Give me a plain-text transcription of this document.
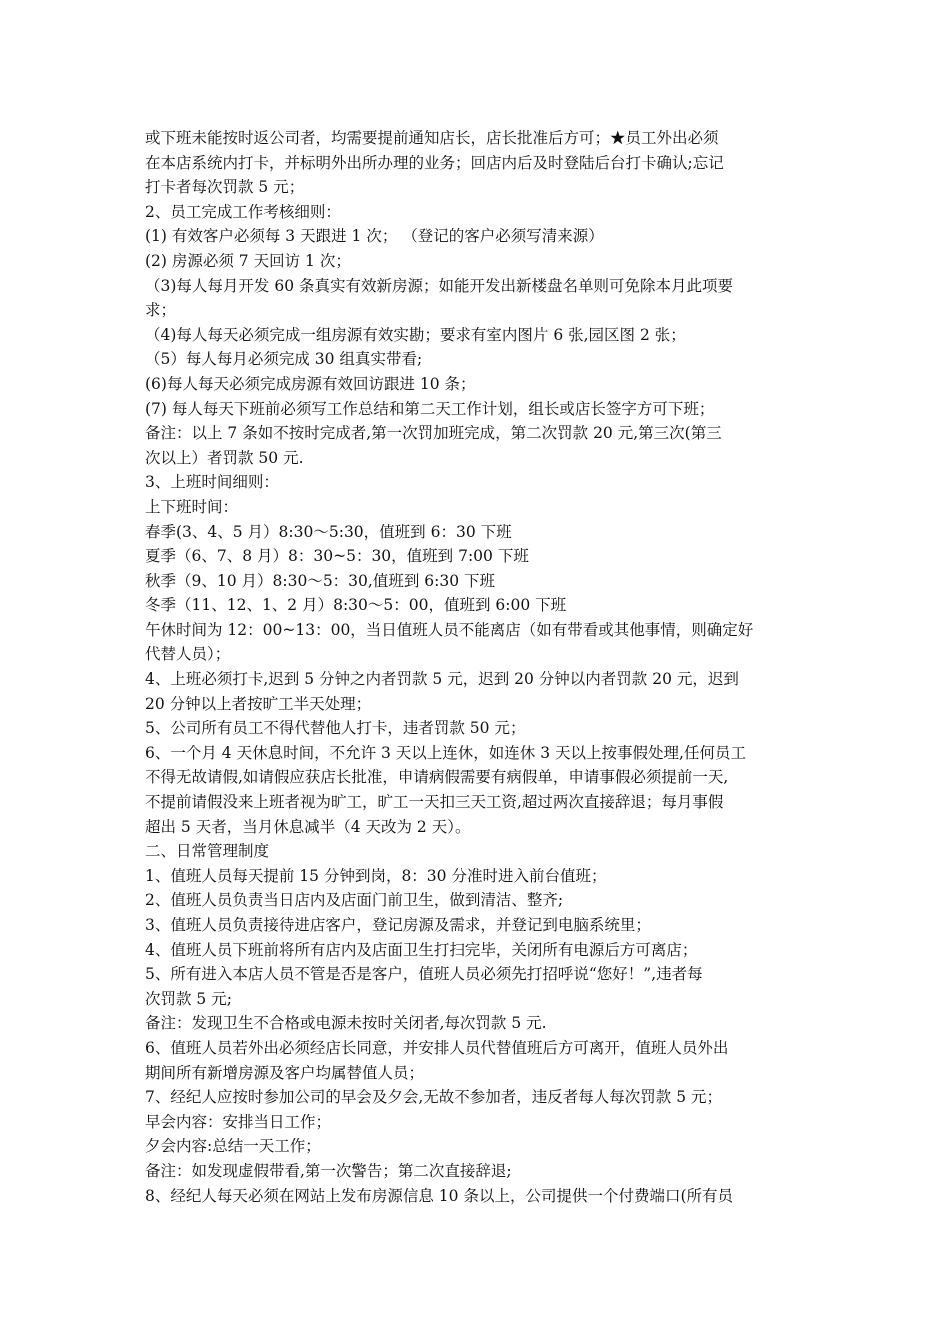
或下班未能按时返公司者，均需要提前通知店长，店长批准后方可；★员工外出必须
在本店系统内打卡，并标明外出所办理的业务；回店内后及时登陆后台打卡确认;忘记
打卡者每次罚款 5 元；
2、员工完成工作考核细则：
(1) 有效客户必须每 3 天跟进 1 次； （登记的客户必须写清来源）
(2) 房源必须 7 天回访 1 次；
（3)每人每月开发 60 条真实有效新房源；如能开发出新楼盘名单则可免除本月此项要
求；
（4)每人每天必须完成一组房源有效实勘；要求有室内图片 6 张,园区图 2 张；
（5）每人每月必须完成 30 组真实带看;
(6)每人每天必须完成房源有效回访跟进 10 条；
(7) 每人每天下班前必须写工作总结和第二天工作计划，组长或店长签字方可下班；
备注：以上 7 条如不按时完成者,第一次罚加班完成，第二次罚款 20 元,第三次(第三
次以上）者罚款 50 元.
3、上班时间细则：
上下班时间：
春季(3、4、5 月）8:30～5:30，值班到 6：30 下班
夏季（6、7、8 月）8：30~5：30，值班到 7:00 下班
秋季（9、10 月）8:30～5：30,值班到 6:30 下班
冬季（11、12、1、2 月）8:30～5：00，值班到 6:00 下班
午休时间为 12：00~13：00，当日值班人员不能离店（如有带看或其他事情，则确定好
代替人员）；
4、上班必须打卡,迟到 5 分钟之内者罚款 5 元，迟到 20 分钟以内者罚款 20 元，迟到
20 分钟以上者按旷工半天处理；
5、公司所有员工不得代替他人打卡，违者罚款 50 元；
6、一个月 4 天休息时间，不允许 3 天以上连休，如连休 3 天以上按事假处理,任何员工
不得无故请假,如请假应获店长批准，申请病假需要有病假单，申请事假必须提前一天,
不提前请假没来上班者视为旷工，旷工一天扣三天工资,超过两次直接辞退；每月事假
超出 5 天者，当月休息减半（4 天改为 2 天）。
二、日常管理制度
1、值班人员每天提前 15 分钟到岗，8：30 分准时进入前台值班；
2、值班人员负责当日店内及店面门前卫生，做到清洁、整齐;
3、值班人员负责接待进店客户，登记房源及需求，并登记到电脑系统里；
4、值班人员下班前将所有店内及店面卫生打扫完毕，关闭所有电源后方可离店；
5、所有进入本店人员不管是否是客户，值班人员必须先打招呼说“您好！”,违者每
次罚款 5 元;
备注：发现卫生不合格或电源未按时关闭者,每次罚款 5 元.
6、值班人员若外出必须经店长同意，并安排人员代替值班后方可离开，值班人员外出
期间所有新增房源及客户均属替值人员；
7、经纪人应按时参加公司的早会及夕会,无故不参加者，违反者每人每次罚款 5 元；
早会内容：安排当日工作；
夕会内容:总结一天工作；
备注：如发现虚假带看,第一次警告；第二次直接辞退;
8、经纪人每天必须在网站上发布房源信息 10 条以上，公司提供一个付费端口(所有员
